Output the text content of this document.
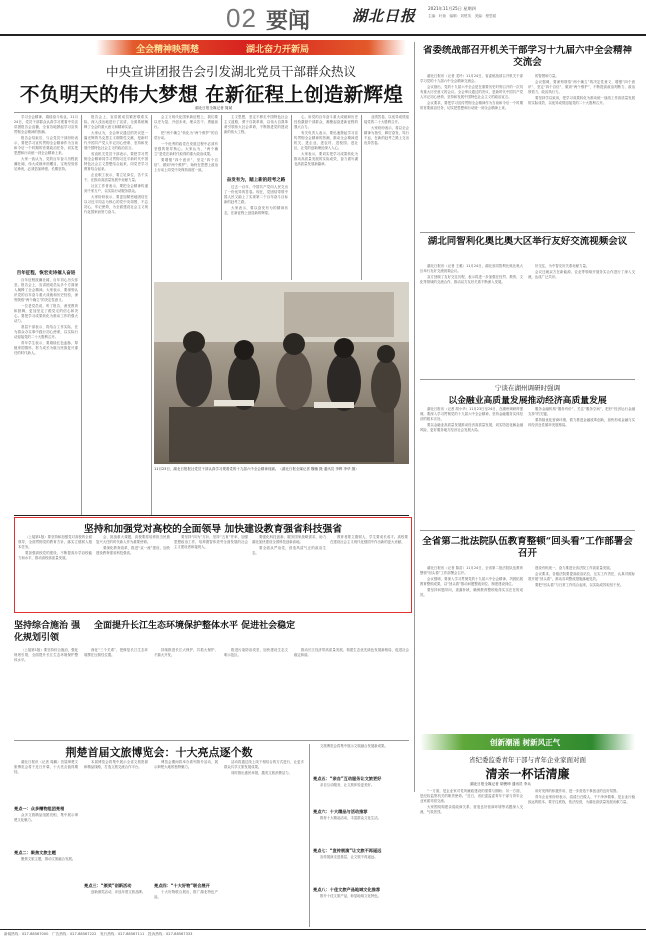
02 要闻	湖北日报	2021年11月25日 星期四
主编：叶琼　编辑：刘楚英　美编：程思韬
全会精神映荆楚	湖北奋力开新局
中央宣讲团报告会引发湖北党员干部群众热议
不负明天的伟大梦想 在新征程上创造新辉煌
湖北日报全媒记者 简斌

学习全会精神，赓续奋斗伟业。11月24日，党员干部群众认真学习观看中央宣讲团报告会直播，全省各地掀起学习宣传贯彻全会精神的热潮。

报告会结束后，与会党员干部纷纷表示，要把学习宣传贯彻全会精神作为当前和今后一个时期的首要政治任务，切实把思想和行动统一到全会精神上来。

大家一致认为，党的百年奋斗历程波澜壮阔，伟大成就举世瞩目，宝贵经验弥足珍贵，必须倍加珍惜、长期坚持。

百年征程，恢宏史诗催人奋进

百年征程波澜壮阔，百年初心历久弥坚。报告会上，宣讲团成员从多个方面深入阐释了全会精神。大家表示，要深刻认识党的百年奋斗重大成就和历史经验，深刻领悟“两个确立”的决定性意义。

一位老党员说，听了报告，深受教育和鼓舞，更加坚定了跟党走的信心和决心。要把学习成果转化为推动工作的强大动力。

基层干部表示，将结合工作实际，在为群众办实事中践行初心使命，以实际行动迎接党的二十大胜利召开。

青年学生表示，要赓续红色血脉，厚植家国情怀，努力成长为堪当民族复兴重任的时代新人。

报告会上，宣讲团成员紧密联系实际，深入浅出地进行了宣讲，全面系统阐释了全会的重大意义和精神实质。

大家认为，全会审议通过的决议是一篇光辉的马克思主义纲领性文献，是新时代中国共产党人牢记初心使命、坚持和发展中国特色社会主义的政治宣言。

省直机关党员干部表示，要把学习贯彻全会精神同学习贯彻习近平新时代中国特色社会主义思想结合起来，同党史学习教育结合起来。

企业职工表示，要立足岗位、苦干实干，在推动高质量发展中贡献力量。

社区工作者表示，要把全会精神传递到千家万户，以实际行动服务群众。

大家纷纷表示，要更加紧密地团结在以习近平同志为核心的党中央周围，不忘初心、牢记使命，为全面建设社会主义现代化国家而努力奋斗。

会主义现代化国家新征程上，我们要以史为鉴、开创未来，埋头苦干、勇毅前行。

把“两个确立”转化为“两个维护”的自觉行动。

一个优秀的政党在发展过程中必须有坚强的领导核心。大家认为，“两个确立”是党在新时代取得的重大政治成果。

要增强“四个意识”、坚定“四个自信”、做到“两个维护”，始终在思想上政治上行动上同党中央保持高度一致。

主义思想，坚定不移走中国特色社会主义道路，勇于自我革命，以伟大自我革命引领伟大社会革命，不断推进党的建设新的伟大工程。

奋发有为，踏上新的赶考之路

过去一百年，中国共产党向人民交出了一份优异的答卷。现在，党团结带领中国人民又踏上了实现第二个百年奋斗目标新的赶考之路。

大家表示，要以奋发有为的精神状态，在新征程上创造新的辉煌。

心，用党的百年奋斗重大成就和历史经验激励干部群众，凝聚起奋进新征程的强大合力。

有关负责人表示，要迅速掀起学习宣传贯彻全会精神的热潮，推动全会精神进机关、进企业、进农村、进校园、进社区，让党的创新理论深入人心。

大家表示，要切实把学习成果转化为推动高质量发展的实际成效，奋力谱写湖北高质量发展新篇章。

业绩答卷，以优异成绩迎接党的二十大胜利召开。

大家纷纷表示，将以全会精神为指引，踔厉奋发、笃行不怠，在新的赶考之路上交出优异答卷。

11月23日，湖北日报报社党员干部认真学习观看党的十九届六中全会精神视频。（湖北日报全媒记者 魏锴 摄 通讯员 李辉 李华 摄）
省委统战部召开机关干部学习十九届六中全会精神交流会

湖北日报讯（记者 龙玲）11月24日，省委统战部召开机关干部学习党的十九届六中全会精神交流会。

会议指出，党的十九届六中全会是在重要历史时刻召开的一次具有重大历史意义的会议。全会审议通过的决议，是新时代中国共产党人牢记初心使命、坚持和发展中国特色社会主义的政治宣言。

会议要求，要把学习宣传贯彻全会精神作为当前和今后一个时期的首要政治任务，切实把思想和行动统一到全会精神上来。

的智慧和力量。

会议强调，要深刻领悟“两个确立”的决定性意义，增强“四个意识”、坚定“四个自信”、做到“两个维护”，不断提高政治判断力、政治领悟力、政治执行力。

要坚持学以致用，把学习成果转化为推动统一战线工作高质量发展的实际成效，以优异成绩迎接党的二十大胜利召开。

湖北同智利化奥比奥大区举行友好交流视频会议

湖北日报讯（记者 王雅）11月24日，湖北省同智利比奥比奥大区举行友好交流视频会议。

双方回顾了友好交往历程，表示将进一步加强在经贸、教育、文化等领域的交流合作，推动双方友好关系不断深入发展。

好交往，为中智友好关系贡献力量。

会议还就双方在新能源、农业等领域开展务实合作进行了深入交流，达成广泛共识。

宁谈在湖州调研时强调
以金融业高质量发展推动经济高质量发展

湖北日报讯（记者 胡小华）11月23日至24日，在湖州调研时强调，要深入学习贯彻党的十九届六中全会精神，坚持金融服务实体经济的根本宗旨。

要以金融业高质量发展推动经济高质量发展，切实防范化解金融风险，更好服务地方经济社会发展大局。

服务金融机构“服务有价”，关注“服务空间”，把好“经济运行金融支持”的关键。

要持续优化营商环境，着力推进金融改革创新，加快形成金融与实体经济良性循环发展格局。

全省第二批法院队伍教育整顿“回头看”工作部署会召开

湖北日报讯（记者 陈苗）11月24日，全省第二批法院队伍教育整顿“回头看”工作部署会召开。

会议强调，要深入学习贯彻党的十九届六中全会精神，巩固拓展教育整顿成果，以“回头看”推动问题整改到位、制度建设到位。

要坚持问题导向，查漏补缺，确保教育整顿取得实实在在的成效。

建设有机统一，奋力推进全省法院工作高质量发展。

会议要求，各级法院要提高政治站位，压实工作责任，认真对照标准开展“回头看”，推动各项整改措施落地见效。

要把“回头看”与日常工作结合起来，以实际成效取信于民。

创新潮涌 树新风正气
省纪委监委青年干部与青年企业家面对面
清亲一杯话清廉
湖北日报全媒记者 胡俊坤 通讯员 李兵

“一方面，是企业家对党风廉政建设的需要与期盼；另一方面，是纪检监察机关的职责使命。”近日，省纪委监委青年干部与青年企业家面对面交流。

大家围绕构建亲清政商关系、营造良好营商环境等话题深入交流，气氛热烈。

用好发挥的积极作用，进一步营造干事创业的良好氛围。

青年企业家纷纷表示，清清白白做人、干干净净做事，是企业行稳致远的根本。要守住底线，依法经营，为湖北高质量发展贡献力量。

坚持和加强党对高校的全面领导 加快建设教育强省科技强省

（上接第1版）要坚持和加强党对高校的全面领导，全面贯彻党的教育方针，落实立德树人根本任务。

要加强高校党的建设，不断提高办学治校能力和水平，推动高校高质量发展。

会、挑战重大课题，高校要将培养担当民族复兴大任的时代新人作为重要使命。

要深化教育改革，推进“双一流”建设，加快建设教育强省科技强省。

要坚持“四为”方针，坚持“五育”并举，加强思想政治工作，培养德智体美劳全面发展的社会主义建设者和接班人。

要强化科技创新，服务国家战略需求，助力湖北加快建设全国科技创新高地。

要全面从严治党，营造风清气正的政治生态。

教育者要立德树人，学生要成长成才。高校要在建设社会主义现代化强国中作出新的更大贡献。

坚持综合施治 强化规划引领
全面提升长江生态环境保护整体水平 促进社会稳定

（上接第1版）要坚持综合施治，强化规划引领，全面提升长江生态环境保护整体水平。

深化“三个关系”，把修复长江生态环境摆在压倒性位置。

持续推进长江大保护，共抓大保护、不搞大开发。

推进污染防治攻坚，加快建设生态文明示范区。

推动长江经济带高质量发展，构建生态优先绿色发展新格局，促进社会稳定和谐。

荆楚首届文旅博览会：十大亮点逐个数

湖北日报讯（记者 周鹏）首届荆楚文旅博览会将于近日开幕，十大亮点值得期待。

亮点一：众多赠物组团亮相

众多文旅精品组团亮相，集中展示荆楚文化魅力。

亮点二：聚焦文旅主题

聚焦文旅主题，推动文旅融合发展。

本届博览会将集中展示全省文旅资源和精品线路，打造文旅交流合作平台。

亮点三：“颁奖”创新活动

创新颁奖活动，评选年度文旅品牌。

博览会期间将举办系列推介活动，展示荆楚大地的独特魅力。

亮点四：“十大好物”联合展开

十大好物联合展出，推广湖北特色产品。

活动将通过线上线下相结合的方式进行，让更多群众共享文旅发展成果。

同时推出惠民举措，激发文旅消费活力。

文旅博览会将集中展示文旅融合发展新成果。

亮点五：“亲自”互动服务让文旅更好

亲自互动服务，让文旅体验更美好。

亮点六：十大精品与活动推荐

推荐十大精品活动，丰富群众文化生活。

亮点七：“宣传展演”让文旅不再遥远

宣传展演走进基层，让文旅不再遥远。

亮点八：十佳文旅产品地域文化推荐

推介十佳文旅产品，彰显地域文化特色。

新闻热线：027-88567000　广告热线：027-88567222　发行热线：027-88567111　投诉热线：027-88567333
